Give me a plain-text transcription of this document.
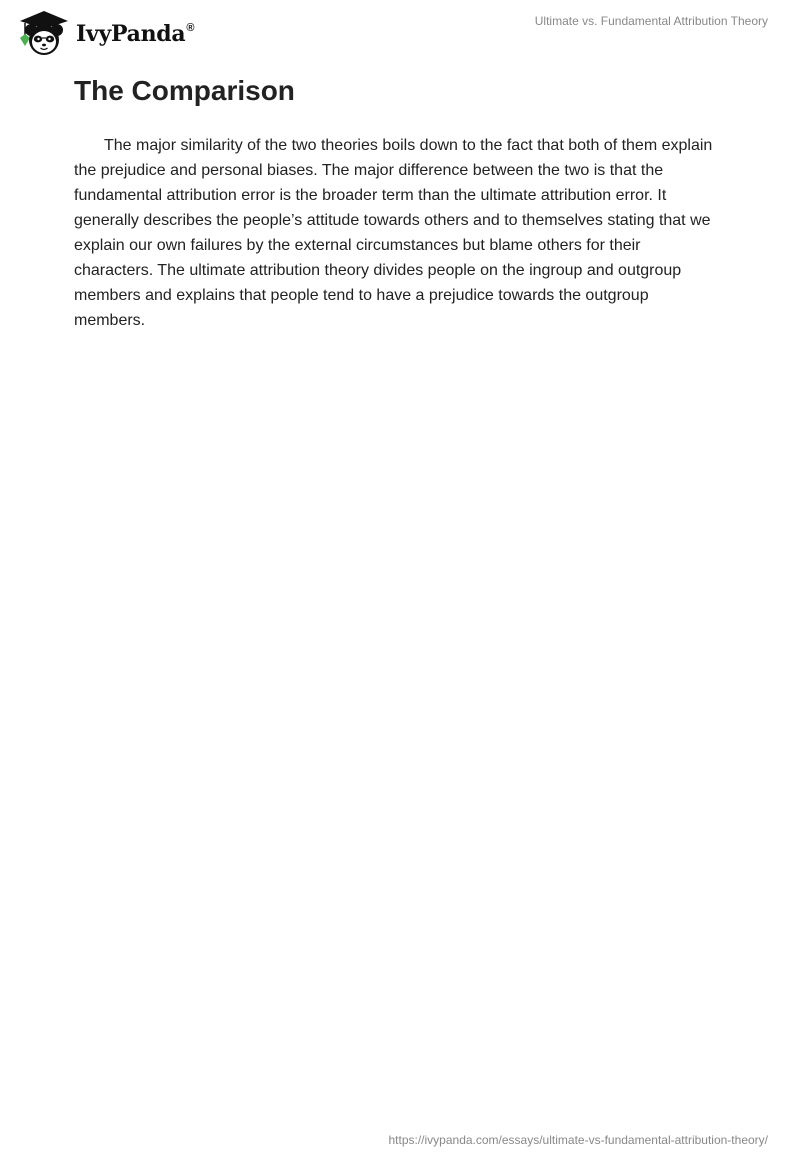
IvyPanda®	Ultimate vs. Fundamental Attribution Theory
The Comparison

The major similarity of the two theories boils down to the fact that both of them explain the prejudice and personal biases. The major difference between the two is that the fundamental attribution error is the broader term than the ultimate attribution error. It generally describes the people’s attitude towards others and to themselves stating that we explain our own failures by the external circumstances but blame others for their characters. The ultimate attribution theory divides people on the ingroup and outgroup members and explains that people tend to have a prejudice towards the outgroup members.

https://ivypanda.com/essays/ultimate-vs-fundamental-attribution-theory/
